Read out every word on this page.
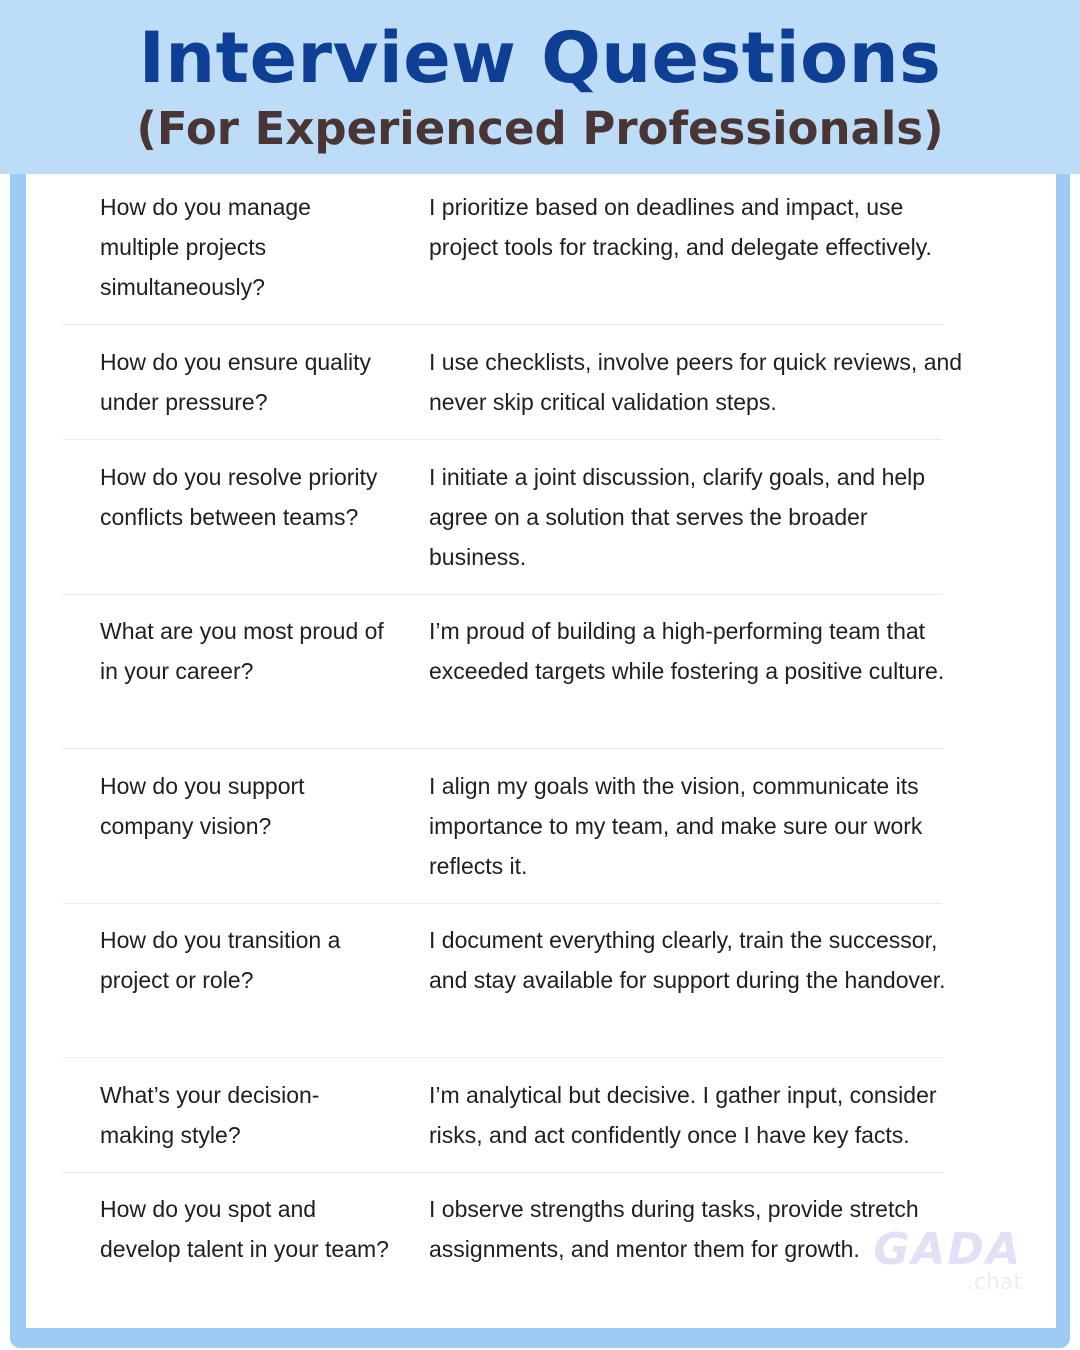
Interview Questions
(For Experienced Professionals)

How do you manage multiple projects simultaneously?

I prioritize based on deadlines and impact, use project tools for tracking, and delegate effectively.

How do you ensure quality under pressure?

I use checklists, involve peers for quick reviews, and never skip critical validation steps.

How do you resolve priority conflicts between teams?

I initiate a joint discussion, clarify goals, and help agree on a solution that serves the broader business.

What are you most proud of in your career?

I’m proud of building a high-performing team that exceeded targets while fostering a positive culture.

How do you support company vision?

I align my goals with the vision, communicate its importance to my team, and make sure our work reflects it.

How do you transition a project or role?

I document everything clearly, train the successor, and stay available for support during the handover.

What’s your decision-making style?

I’m analytical but decisive. I gather input, consider risks, and act confidently once I have key facts.

How do you spot and develop talent in your team?

I observe strengths during tasks, provide stretch assignments, and mentor them for growth. GADA
.chat
